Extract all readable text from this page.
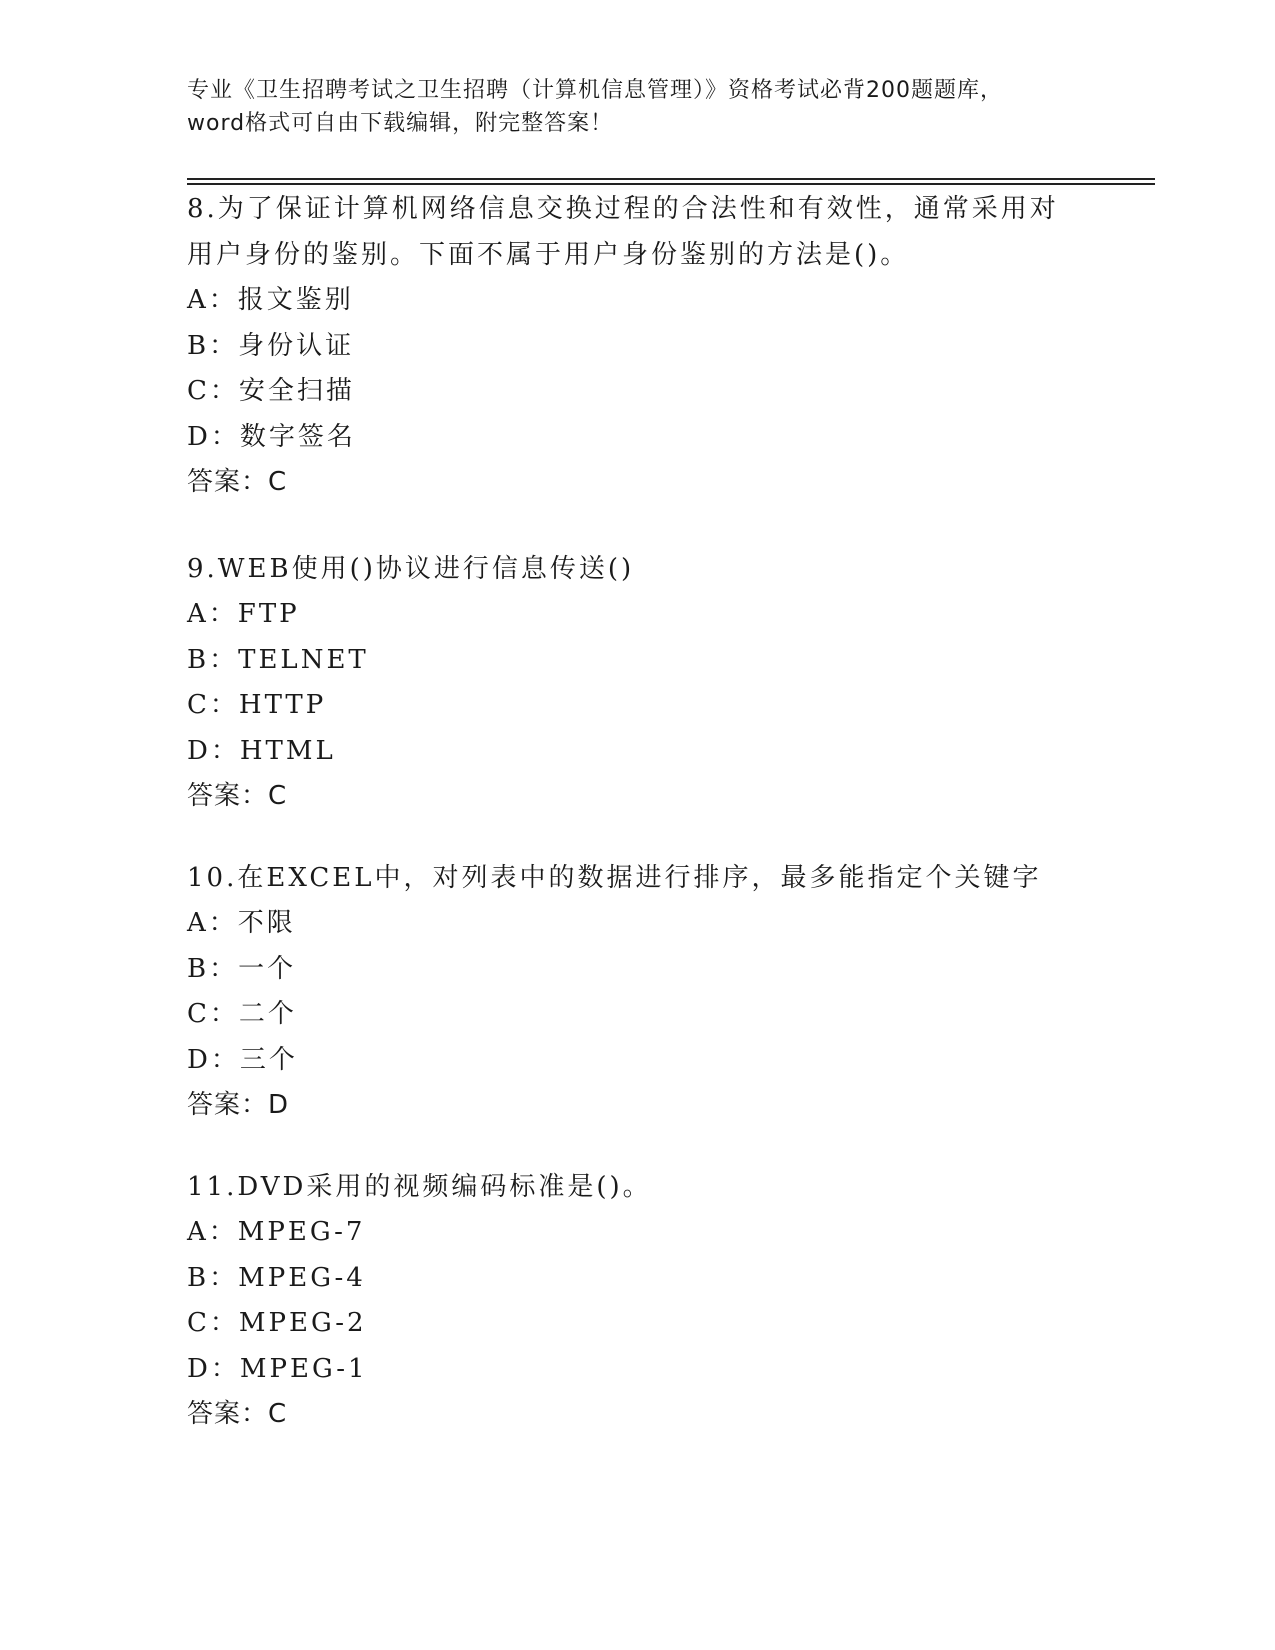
专业《卫生招聘考试之卫生招聘（计算机信息管理）》资格考试必背200题题库，
word格式可自由下载编辑，附完整答案！
8.为了保证计算机网络信息交换过程的合法性和有效性，通常采用对
用户身份的鉴别。下面不属于用户身份鉴别的方法是()。
A：报文鉴别
B：身份认证
C：安全扫描
D：数字签名
答案：C
9.WEB使用()协议进行信息传送()
A：FTP
B：TELNET
C：HTTP
D：HTML
答案：C
10.在EXCEL中，对列表中的数据进行排序，最多能指定个关键字
A：不限
B：一个
C：二个
D：三个
答案：D
11.DVD采用的视频编码标准是()。
A：MPEG-7
B：MPEG-4
C：MPEG-2
D：MPEG-1
答案：C
